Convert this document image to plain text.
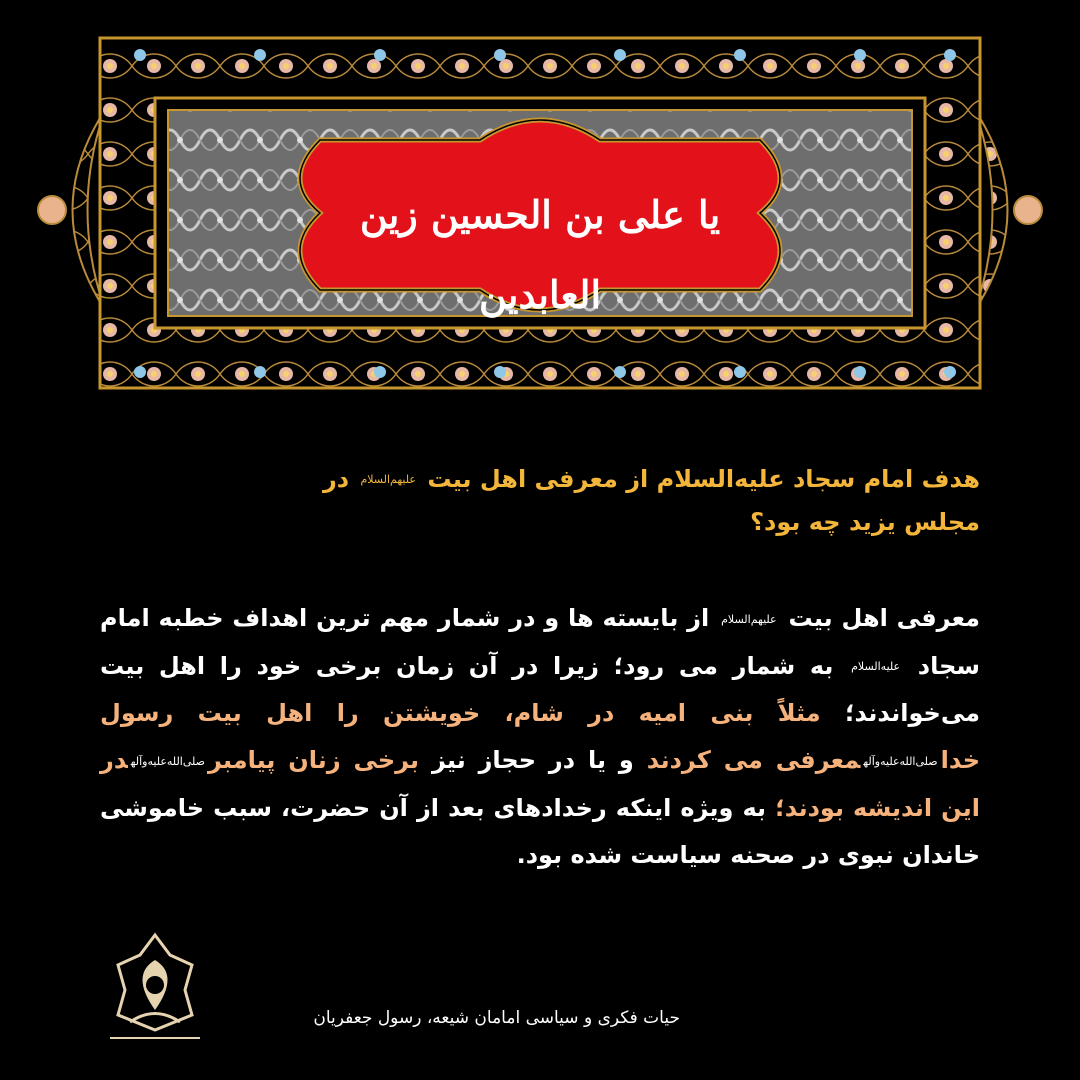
یا علی بن الحسین زین العابدین
هدف امام سجاد علیه‌السلام از معرفی اهل بیت علیهم‌السلام در
مجلس یزید چه بود؟
معرفی اهل بیت علیهم‌السلام از بایسته ها و در شمار مهم ترین اهداف خطبه امام سجاد علیه‌السلام به شمار می رود؛ زیرا در آن زمان برخی خود را اهل بیت می‌خواندند؛ مثلاً بنی امیه در شام، خویشتن را اهل بیت رسول خداصلی‌الله‌علیه‌وآلهمعرفی می کردند و یا در حجاز نیز برخی زنان پیامبرصلی‌الله‌علیه‌وآلهدر این اندیشه بودند؛ به ویژه اینکه رخدادهای بعد از آن حضرت، سبب خاموشی خاندان نبوی در صحنه سیاست شده بود.
حیات فکری و سیاسی امامان شیعه، رسول جعفریان
